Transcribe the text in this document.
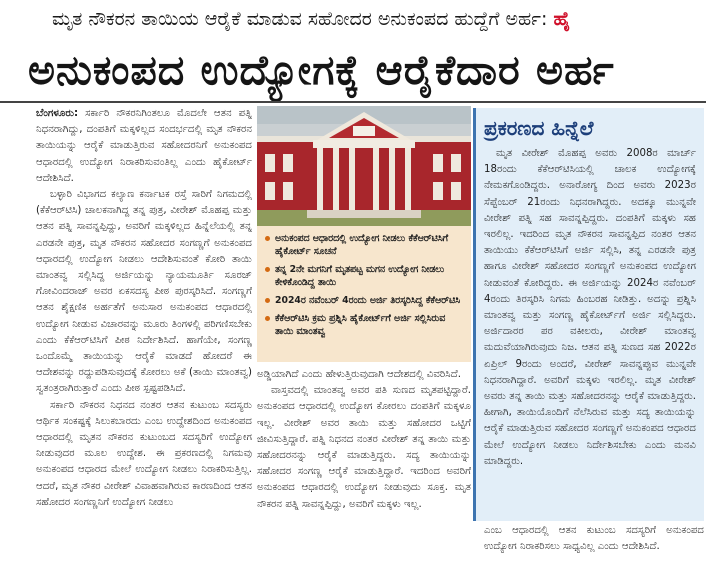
ಮೃತ ನೌಕರನ ತಾಯಿಯ ಆರೈಕೆ ಮಾಡುವ ಸಹೋದರ ಅನುಕಂಪದ ಹುದ್ದೆಗೆ ಅರ್ಹ: ಹೈ
ಅನುಕಂಪದ ಉದ್ಯೋಗಕ್ಕೆ ಆರೈಕೆದಾರ ಅರ್ಹ

ಬೆಂಗಳೂರು: ಸರ್ಕಾರಿ ನೌಕರನಿಗಿಂತಲೂ ಮೊದಲೇ ಆತನ ಪತ್ನಿ ನಿಧನರಾಗಿದ್ದು, ದಂಪತಿಗೆ ಮಕ್ಕಳಿಲ್ಲದ ಸಂದರ್ಭದಲ್ಲಿ ಮೃತ ನೌಕರನ ತಾಯಿಯನ್ನು ಆರೈಕೆ ಮಾಡುತ್ತಿರುವ ಸಹೋದರನಿಗೆ ಅನುಕಂಪದ ಆಧಾರದಲ್ಲಿ ಉದ್ಯೋಗ ನಿರಾಕರಿಸುವಂತಿಲ್ಲ ಎಂದು ಹೈಕೋರ್ಟ್ ಆದೇಶಿಸಿದೆ.

ಬಳ್ಳಾರಿ ವಿಭಾಗದ ಕಲ್ಯಾಣ ಕರ್ನಾಟಕ ರಸ್ತೆ ಸಾರಿಗೆ ನಿಗಮದಲ್ಲಿ (ಕೆಕೆಆರ್‌ಟಿಸಿ) ಚಾಲಕನಾಗಿದ್ದ ತನ್ನ ಪುತ್ರ, ವೀರೇಶ್ ಮೊಹಪ್ಪ ಮತ್ತು ಆತನ ಪತ್ನಿ ಸಾವನ್ನಪ್ಪಿದ್ದು, ಅವರಿಗೆ ಮಕ್ಕಳಿಲ್ಲದ ಹಿನ್ನೆಲೆಯಲ್ಲಿ ತನ್ನ ಎರಡನೇ ಪುತ್ರ, ಮೃತ ನೌಕರನ ಸಹೋದರ ಸಂಗಣ್ಣಗೆ ಅನುಕಂಪದ ಆಧಾರದಲ್ಲಿ ಉದ್ಯೋಗ ನೀಡಲು ಆದೇಶಿಸುವಂತೆ ಕೋರಿ ತಾಯಿ ಮಾಂತವ್ವ ಸಲ್ಲಿಸಿದ್ದ ಅರ್ಜಿಯನ್ನು ನ್ಯಾಯಮೂರ್ತಿ ಸೂರಜ್ ಗೋವಿಂದರಾಜ್ ಅವರ ಏಕಸದಸ್ಯ ಪೀಠ ಪುರಸ್ಕರಿಸಿದೆ. ಸಂಗಣ್ಣಗೆ ಆತನ ಶೈಕ್ಷಣಿಕ ಅರ್ಹತೆಗೆ ಅನುಸಾರ ಅನುಕಂಪದ ಆಧಾರದಲ್ಲಿ ಉದ್ಯೋಗ ನೀಡುವ ವಿಚಾರವನ್ನು ಮೂರು ತಿಂಗಳಲ್ಲಿ ಪರಿಗಣಿಸಬೇಕು ಎಂದು ಕೆಕೆಆರ್‌ಟಿಸಿಗೆ ಪೀಠ ನಿರ್ದೇಶಿಸಿದೆ. ಹಾಗೆಯೇ, ಸಂಗಣ್ಣ ಒಂದೊಮ್ಮೆ ತಾಯಿಯನ್ನು ಆರೈಕೆ ಮಾಡದೆ ಹೋದರೆ ಈ ಆದೇಶವನ್ನು ರದ್ದುಪಡಿಸುವುದಕ್ಕೆ ಕೋರಲು ಅಕೆ (ತಾಯಿ ಮಾಂತವ್ವ) ಸ್ವತಂತ್ರರಾಗಿರುತ್ತಾರೆ ಎಂದು ಪೀಠ ಸ್ಪಷ್ಟಪಡಿಸಿದೆ.

ಸರ್ಕಾರಿ ನೌಕರನ ನಿಧನದ ನಂತರ ಆತನ ಕುಟುಂಬ ಸದಸ್ಯರು ಆರ್ಥಿಕ ಸಂಕಷ್ಟಕ್ಕೆ ಸಿಲುಕಬಾರದು ಎಂಬ ಉದ್ದೇಶದಿಂದ ಅನುಕಂಪದ ಆಧಾರದಲ್ಲಿ ಮೃತನ ನೌಕರನ ಕುಟುಂಬದ ಸದಸ್ಯರಿಗೆ ಉದ್ಯೋಗ ನೀಡುವುದರ ಮೂಲ ಉದ್ದೇಶ. ಈ ಪ್ರಕರಣದಲ್ಲಿ ನಿಗಮವು ಅನುಕಂಪದ ಆಧಾರದ ಮೇಲೆ ಉದ್ಯೋಗ ನೀಡಲು ನಿರಾಕರಿಸುತ್ತಿಲ್ಲ. ಆದರೆ, ಮೃತ ನೌಕರ ವೀರೇಶ್ ವಿವಾಹವಾಗಿರುವ ಕಾರಣದಿಂದ ಆತನ ಸಹೋದರ ಸಂಗಣ್ಣನಿಗೆ ಉದ್ಯೋಗ ನೀಡಲು

ಅನುಕಂಪದ ಆಧಾರದಲ್ಲಿ ಉದ್ಯೋಗ ನೀಡಲು ಕೆಕೆಆರ್‌ಟಿಸಿಗೆ ಹೈಕೋರ್ಟ್ ಸೂಚನೆ
ತನ್ನ 2ನೇ ಮಗನಿಗೆ ಮೃತಪಟ್ಟ ಮಗನ ಉದ್ಯೋಗ ನೀಡಲು ಕೇಳಿಕೊಂಡಿದ್ದ ತಾಯಿ
2024ರ ನವೆಂಬರ್ 4ರಂದು ಅರ್ಜಿ ತಿರಸ್ಕರಿಸಿದ್ದ ಕೆಕೆಆರ್‌ಟಿಸಿ
ಕೆಕೆಆರ್‌ಟಿಸಿ ಕ್ರಮ ಪ್ರಶ್ನಿಸಿ ಹೈಕೋರ್ಟ್‌ಗೆ ಅರ್ಜಿ ಸಲ್ಲಿಸಿರುವ ತಾಯಿ ಮಾಂತವ್ವ

ಅಡ್ಡಿಯಾಗಿದೆ ಎಂದು ಹೇಳುತ್ತಿರುವುದಾಗಿ ಆದೇಶದಲ್ಲಿ ವಿವರಿಸಿದೆ.

ವಾಸ್ತವದಲ್ಲಿ ಮಾಂತವ್ವ ಅವರ ಪತಿ ಸುಣದ ಮೃತಪಟ್ಟಿದ್ದಾರೆ. ಅನುಕಂಪದ ಆಧಾರದಲ್ಲಿ ಉದ್ಯೋಗ ಕೋರಲು ದಂಪತಿಗೆ ಮಕ್ಕಳೂ ಇಲ್ಲ. ವೀರೇಶ್ ಅವರ ತಾಯಿ ಮತ್ತು ಸಹೋದರ ಒಟ್ಟಿಗೆ ಜೀವಿಸುತ್ತಿದ್ದಾರೆ. ಪತ್ನಿ ನಿಧನದ ನಂತರ ವೀರೇಶ್ ತನ್ನ ತಾಯಿ ಮತ್ತು ಸಹೋದರನನ್ನು ಆರೈಕೆ ಮಾಡುತ್ತಿದ್ದರು. ಸದ್ಯ ತಾಯಿಯನ್ನು ಸಹೋದರ ಸಂಗಣ್ಣ ಆರೈಕೆ ಮಾಡುತ್ತಿದ್ದಾರೆ. ಇದರಿಂದ ಅವರಿಗೆ ಅನುಕಂಪದ ಆಧಾರದಲ್ಲಿ ಉದ್ಯೋಗ ನೀಡುವುದು ಸೂಕ್ತ. ಮೃತ ನೌಕರನ ಪತ್ನಿ ಸಾವನ್ನಪ್ಪಿದ್ದು, ಅವರಿಗೆ ಮಕ್ಕಳು ಇಲ್ಲ.

ಪ್ರಕರಣದ ಹಿನ್ನೆಲೆ

ಮೃತ ವೀರೇಶ್ ಮೊಹಪ್ಪ ಅವರು 2008ರ ಮಾರ್ಚ್ 18ರಂದು ಕೆಕೆಆರ್‌ಟಿಸಿಯಲ್ಲಿ ಚಾಲಕ ಉದ್ಯೋಗಕ್ಕೆ ನೇಮಕಗೊಂಡಿದ್ದರು. ಅನಾರೋಗ್ಯ ದಿಂದ ಅವರು 2023ರ ಸೆಪ್ಟೆಂಬರ್ 21ರಂದು ನಿಧನರಾಗಿದ್ದರು. ಅದಕ್ಕೂ ಮುನ್ನವೇ ವೀರೇಶ್ ಪತ್ನಿ ಸಹ ಸಾವನ್ನಪ್ಪಿದ್ದರು. ದಂಪತಿಗೆ ಮಕ್ಕಳು ಸಹ ಇರಲಿಲ್ಲ. ಇದರಿಂದ ಮೃತ ನೌಕರನ ಸಾವನ್ನಪ್ಪಿದ ನಂತರ ಆತನ ತಾಯಿಯು ಕೆಕೆಆರ್‌ಟಿಸಿಗೆ ಅರ್ಜಿ ಸಲ್ಲಿಸಿ, ತನ್ನ ಎರಡನೇ ಪುತ್ರ ಹಾಗೂ ವೀರೇಶ್ ಸಹೋದರ ಸಂಗಣ್ಣಗೆ ಅನುಕಂಪದ ಉದ್ಯೋಗ ನೀಡುವಂತೆ ಕೋರಿದ್ದರು. ಈ ಅರ್ಜಿಯನ್ನು 2024ರ ನವೆಂಬರ್ 4ರಂದು ತಿರಸ್ಕರಿಸಿ ನಿಗಮ ಹಿಂಬರಹ ನೀಡಿತ್ತು. ಅದನ್ನು ಪ್ರಶ್ನಿಸಿ ಮಾಂತವ್ವ ಮತ್ತು ಸಂಗಣ್ಣ ಹೈಕೋರ್ಟ್‌ಗೆ ಅರ್ಜಿ ಸಲ್ಲಿಸಿದ್ದರು. ಅರ್ಜಿದಾರರ ಪರ ವಕೀಲರು, ವೀರೇಶ್ ಮಾಂತವ್ವ ಮದುವೆಯಾಗಿರುವುದು ನಿಜ. ಆತನ ಪತ್ನಿ ಸುಣದ ಸಹ 2022ರ ಏಪ್ರಿಲ್ 9ರಂದು ಅಂದರೆ, ವೀರೇಶ್ ಸಾವನ್ನಪ್ಪುವ ಮುನ್ನವೇ ನಿಧನರಾಗಿದ್ದಾರೆ. ಅವರಿಗೆ ಮಕ್ಕಳು ಇರಲಿಲ್ಲ. ಮೃತ ವೀರೇಶ್ ಅವರು ತನ್ನ ತಾಯಿ ಮತ್ತು ಸಹೋದರನನ್ನು ಆರೈಕೆ ಮಾಡುತ್ತಿದ್ದರು. ಹೀಗಾಗಿ, ತಾಯಿಯೊಂದಿಗೆ ನೆಲೆಸಿರುವ ಮತ್ತು ಸದ್ಯ ತಾಯಿಯನ್ನು ಆರೈಕೆ ಮಾಡುತ್ತಿರುವ ಸಹೋದರ ಸಂಗಣ್ಣಗೆ ಅನುಕಂಪದ ಆಧಾರದ ಮೇಲೆ ಉದ್ಯೋಗ ನೀಡಲು ನಿರ್ದೇಶಿಸಬೇಕು ಎಂದು ಮನವಿ ಮಾಡಿದ್ದರು.

ಎಂಬ ಆಧಾರದಲ್ಲಿ ಆತನ ಕುಟುಂಬ ಸದಸ್ಯರಿಗೆ ಅನುಕಂಪದ ಉದ್ಯೋಗ ನಿರಾಕರಿಸಲು ಸಾಧ್ಯವಿಲ್ಲ ಎಂದು ಆದೇಶಿಸಿದೆ.
